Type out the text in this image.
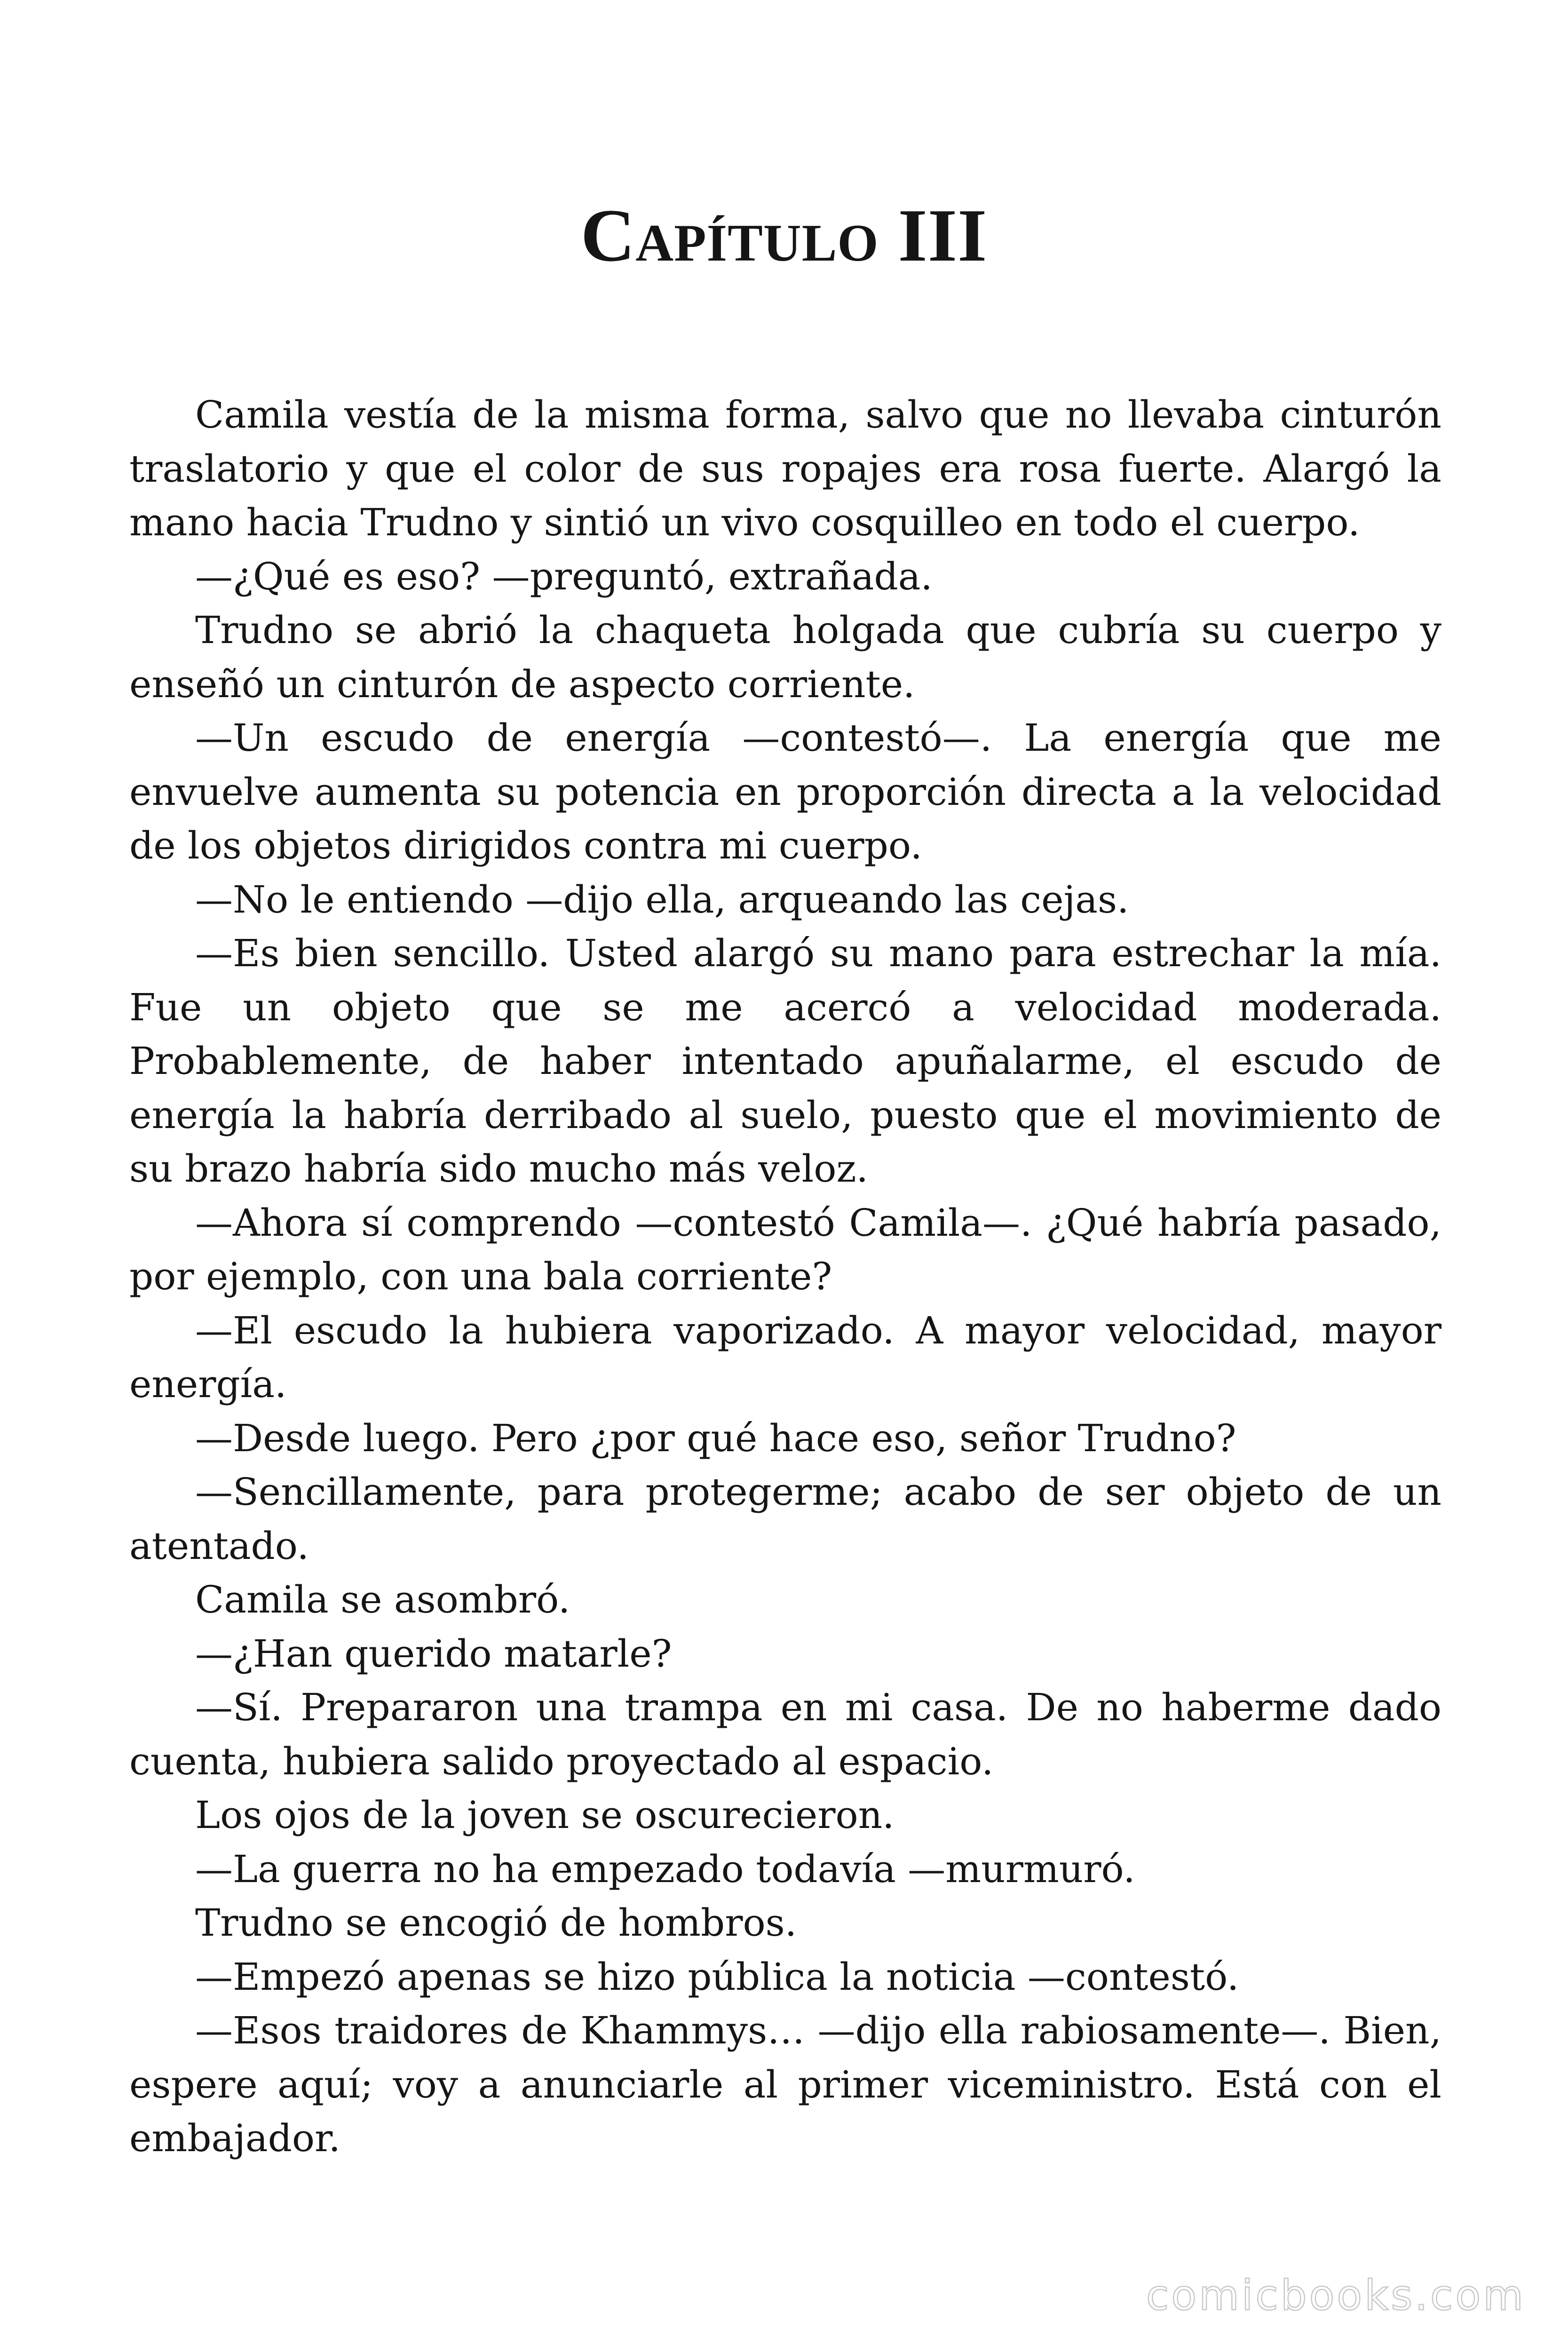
Capítulo III

Camila vestía de la misma forma, salvo que no llevaba cinturón traslatorio y que el color de sus ropajes era rosa fuerte. Alargó la mano hacia Trudno y sintió un vivo cosquilleo en todo el cuerpo.

—¿Qué es eso? —preguntó, extrañada.

Trudno se abrió la chaqueta holgada que cubría su cuerpo y enseñó un cinturón de aspecto corriente.

—Un escudo de energía —contestó—. La energía que me envuelve aumenta su potencia en proporción directa a la velocidad de los objetos dirigidos contra mi cuerpo.

—No le entiendo —dijo ella, arqueando las cejas.

—Es bien sencillo. Usted alargó su mano para estrechar la mía. Fue un objeto que se me acercó a velocidad moderada. Probablemente, de haber intentado apuñalarme, el escudo de energía la habría derribado al suelo, puesto que el movimiento de su brazo habría sido mucho más veloz.

—Ahora sí comprendo —contestó Camila—. ¿Qué habría pasado, por ejemplo, con una bala corriente?

—El escudo la hubiera vaporizado. A mayor velocidad, mayor energía.

—Desde luego. Pero ¿por qué hace eso, señor Trudno?

—Sencillamente, para protegerme; acabo de ser objeto de un atentado.

Camila se asombró.

—¿Han querido matarle?

—Sí. Prepararon una trampa en mi casa. De no haberme dado cuenta, hubiera salido proyectado al espacio.

Los ojos de la joven se oscurecieron.

—La guerra no ha empezado todavía —murmuró.

Trudno se encogió de hombros.

—Empezó apenas se hizo pública la noticia —contestó.

—Esos traidores de Khammys… —dijo ella rabiosamente—. Bien, espere aquí; voy a anunciarle al primer viceministro. Está con el embajador.

comicbooks.com
